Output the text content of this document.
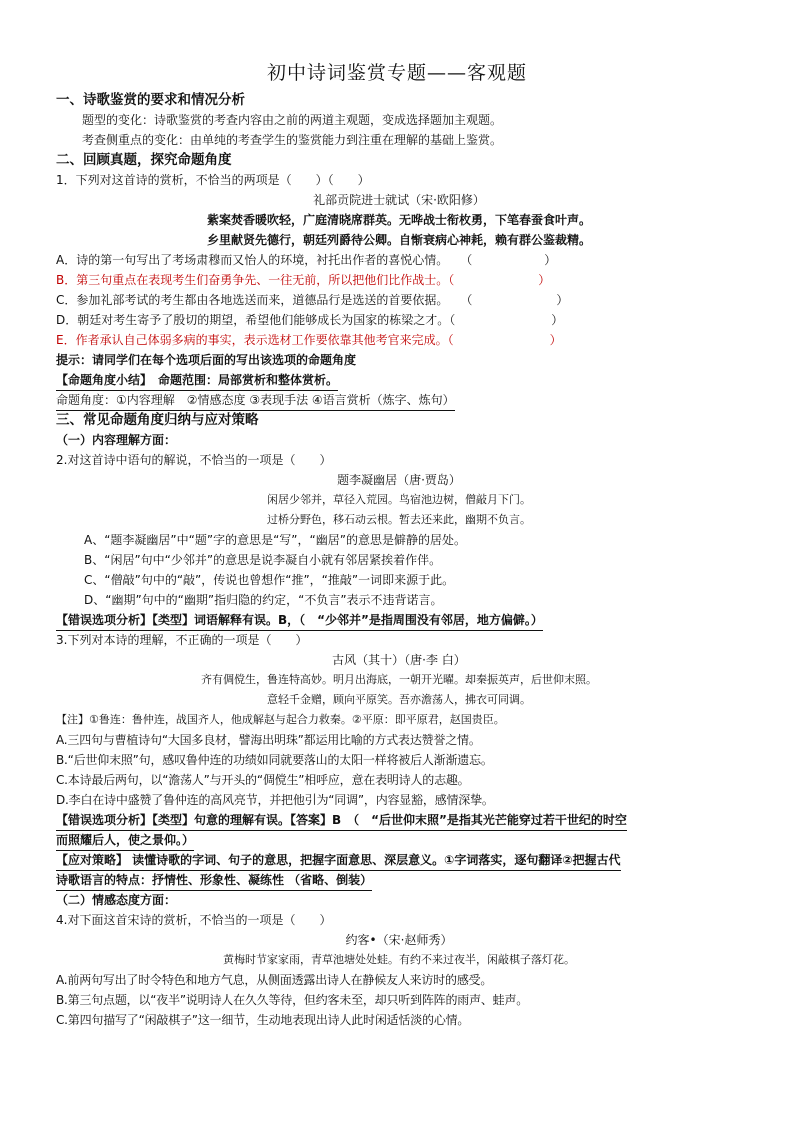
初中诗词鉴赏专题——客观题
一、诗歌鉴赏的要求和情况分析
题型的变化：诗歌鉴赏的考查内容由之前的两道主观题，变成选择题加主观题。
考查侧重点的变化：由单纯的考查学生的鉴赏能力到注重在理解的基础上鉴赏。
二、回顾真题，探究命题角度
1．下列对这首诗的赏析，不恰当的两项是（　　）（　　）
礼部贡院进士就试（宋·欧阳修）
紫案焚香暖吹轻，广庭清晓席群英。无哗战士衔枚勇，下笔春蚕食叶声。
乡里献贤先德行，朝廷列爵待公卿。自惭衰病心神耗，赖有群公鉴裁精。
A．诗的第一句写出了考场肃穆而又怡人的环境，衬托出作者的喜悦心情。　　（　　　　　　）
B．第三句重点在表现考生们奋勇争先、一往无前，所以把他们比作战士。（　　　　　　　）
C．参加礼部考试的考生都由各地选送而来，道德品行是选送的首要依据。　　（　　　　　　　）
D．朝廷对考生寄予了殷切的期望，希望他们能够成长为国家的栋梁之才。（　　　　　　　　）
E．作者承认自己体弱多病的事实，表示选材工作要依靠其他考官来完成。（　　　　　　　　）
提示：请同学们在每个选项后面的写出该选项的命题角度
【命题角度小结】　命题范围：局部赏析和整体赏析。
命题角度：①内容理解　②情感态度 ③表现手法 ④语言赏析（炼字、炼句）
三、常见命题角度归纳与应对策略
（一）内容理解方面：
2.对这首诗中语句的解说，不恰当的一项是（　　）
题李凝幽居（唐·贾岛）
闲居少邻并，草径入荒园。鸟宿池边树，僧敲月下门。
过桥分野色，移石动云根。暂去还来此，幽期不负言。
A、“题李凝幽居”中“题”字的意思是“写”，“幽居”的意思是僻静的居处。
B、“闲居”句中“少邻并”的意思是说李凝自小就有邻居紧挨着作伴。
C、“僧敲”句中的“敲”，传说也曾想作“推”，“推敲”一词即来源于此。
D、“幽期”句中的“幽期”指归隐的约定，“不负言”表示不违背诺言。
【错误选项分析】【类型】词语解释有误。B，（　“少邻并”是指周围没有邻居，地方偏僻。）
3.下列对本诗的理解，不正确的一项是（　　）
古风（其十）（唐·李 白）
齐有倜傥生，鲁连特高妙。明月出海底，一朝开光曜。却秦振英声，后世仰末照。
意轻千金赠，顾向平原笑。吾亦澹荡人，拂衣可同调。
【注】①鲁连：鲁仲连，战国齐人，他成解赵与起合力救秦。②平原：即平原君，赵国贵臣。
A.三四句与曹植诗句“大国多良材，譬海出明珠”都运用比喻的方式表达赞誉之情。
B.“后世仰末照”句，感叹鲁仲连的功绩如同就要落山的太阳一样将被后人渐渐遗忘。
C.本诗最后两句，以“澹荡人”与开头的“倜傥生”相呼应，意在表明诗人的志趣。
D.李白在诗中盛赞了鲁仲连的高风亮节，并把他引为“同调”，内容显豁，感情深挚。
【错误选项分析】【类型】句意的理解有误。【答案】B　（　“后世仰末照”是指其光芒能穿过若干世纪的时空
而照耀后人，使之景仰。）
【应对策略】 读懂诗歌的字词、句子的意思，把握字面意思、深层意义。①字词落实，逐句翻译②把握古代
诗歌语言的特点：抒情性、形象性、凝练性 （省略、倒装）
（二）情感态度方面：
4.对下面这首宋诗的赏析，不恰当的一项是（　　）
约客•（宋·赵师秀）
黄梅时节家家雨，青草池塘处处蛙。有约不来过夜半，闲敲棋子落灯花。
A.前两句写出了时令特色和地方气息，从侧面透露出诗人在静候友人来访时的感受。
B.第三句点题，以“夜半”说明诗人在久久等待，但约客未至，却只听到阵阵的雨声、蛙声。
C.第四句描写了“闲敲棋子”这一细节，生动地表现出诗人此时闲适恬淡的心情。
